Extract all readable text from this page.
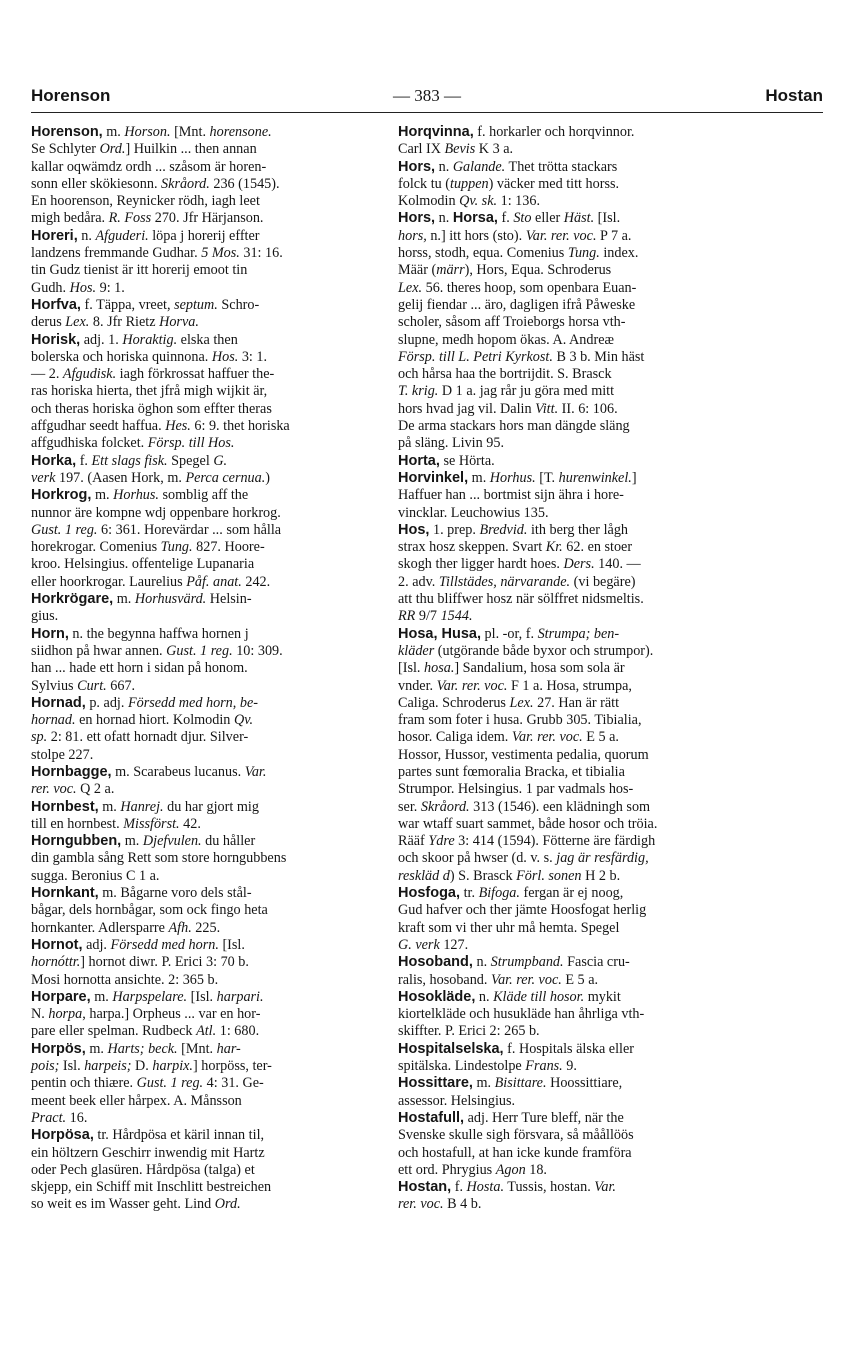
Horenson	— 383 —	Hostan
Horenson, m. Horson. [Mnt. horensone.
Se Schlyter Ord.] Huilkin ... then annan
kallar oqwämdz ordh ... szåsom är horen-
sonn eller skökiesonn. Skråord. 236 (1545).
En hoorenson, Reynicker rödh, iagh leet
migh bedåra. R. Foss 270. Jfr Härjanson.
Horeri, n. Afguderi. löpa j horerij effter
landzens fremmande Gudhar. 5 Mos. 31: 16.
tin Gudz tienist är itt horerij emoot tin
Gudh. Hos. 9: 1.
Horfva, f. Täppa, vreet, septum. Schro-
derus Lex. 8. Jfr Rietz Horva.
Horisk, adj. 1. Horaktig. elska then
bolerska och horiska quinnona. Hos. 3: 1.
— 2. Afgudisk. iagh förkrossat haffuer the-
ras horiska hierta, thet jfrå migh wijkit är,
och theras horiska öghon som effter theras
affgudhar seedt haffua. Hes. 6: 9. thet horiska
affgudhiska folcket. Försp. till Hos.
Horka, f. Ett slags fisk. Spegel G.
verk 197. (Aasen Hork, m. Perca cernua.)
Horkrog, m. Horhus. somblig aff the
nunnor äre kompne wdj oppenbare horkrog.
Gust. 1 reg. 6: 361. Horevärdar ... som hålla
horekrogar. Comenius Tung. 827. Hoore-
kroo. Helsingius. offentelige Lupanaria
eller hoorkrogar. Laurelius Påf. anat. 242.
Horkrögare, m. Horhusvärd. Helsin-
gius.
Horn, n. the begynna haffwa hornen j
siidhon på hwar annen. Gust. 1 reg. 10: 309.
han ... hade ett horn i sidan på honom.
Sylvius Curt. 667.
Hornad, p. adj. Försedd med horn, be-
hornad. en hornad hiort. Kolmodin Qv.
sp. 2: 81. ett ofatt hornadt djur. Silver-
stolpe 227.
Hornbagge, m. Scarabeus lucanus. Var.
rer. voc. Q 2 a.
Hornbest, m. Hanrej. du har gjort mig
till en hornbest. Missförst. 42.
Horngubben, m. Djefvulen. du håller
din gambla sång Rett som store horngubbens
sugga. Beronius C 1 a.
Hornkant, m. Bågarne voro dels stål-
bågar, dels hornbågar, som ock fingo heta
hornkanter. Adlersparre Afh. 225.
Hornot, adj. Försedd med horn. [Isl.
hornóttr.] hornot diwr. P. Erici 3: 70 b.
Mosi hornotta ansichte. 2: 365 b.
Horpare, m. Harpspelare. [Isl. harpari.
N. horpa, harpa.] Orpheus ... var en hor-
pare eller spelman. Rudbeck Atl. 1: 680.
Horpös, m. Harts; beck. [Mnt. har-
pois; Isl. harpeis; D. harpix.] horpöss, ter-
pentin och thiære. Gust. 1 reg. 4: 31. Ge-
meent beek eller hårpex. A. Månsson
Pract. 16.
Horpösa, tr. Hårdpösa et käril innan til,
ein höltzern Geschirr inwendig mit Hartz
oder Pech glasüren. Hårdpösa (talga) et
skjepp, ein Schiff mit Inschlitt bestreichen
so weit es im Wasser geht. Lind Ord.
Horqvinna, f. horkarler och horqvinnor.
Carl IX Bevis K 3 a.
Hors, n. Galande. Thet trötta stackars
folck tu (tuppen) väcker med titt horss.
Kolmodin Qv. sk. 1: 136.
Hors, n. Horsa, f. Sto eller Häst. [Isl.
hors, n.] itt hors (sto). Var. rer. voc. P 7 a.
horss, stodh, equa. Comenius Tung. index.
Määr (märr), Hors, Equa. Schroderus
Lex. 56. theres hoop, som openbara Euan-
gelij fiendar ... äro, dagligen ifrå Påweske
scholer, såsom aff Troieborgs horsa vth-
slupne, medh hopom ökas. A. Andreæ
Försp. till L. Petri Kyrkost. B 3 b. Min häst
och hårsa haa the bortrijdit. S. Brasck
T. krig. D 1 a. jag rår ju göra med mitt
hors hvad jag vil. Dalin Vitt. II. 6: 106.
De arma stackars hors man dängde släng
på släng. Livin 95.
Horta, se Hörta.
Horvinkel, m. Horhus. [T. hurenwinkel.]
Haffuer han ... bortmist sijn ähra i hore-
vincklar. Leuchowius 135.
Hos, 1. prep. Bredvid. ith berg ther lågh
strax hosz skeppen. Svart Kr. 62. en stoer
skogh ther ligger hardt hoes. Ders. 140. —
2. adv. Tillstädes, närvarande. (vi begäre)
att thu bliffwer hosz när sölffret nidsmeltis.
RR 9/7 1544.
Hosa, Husa, pl. -or, f. Strumpa; ben-
kläder (utgörande både byxor och strumpor).
[Isl. hosa.] Sandalium, hosa som sola är
vnder. Var. rer. voc. F 1 a. Hosa, strumpa,
Caliga. Schroderus Lex. 27. Han är rätt
fram som foter i husa. Grubb 305. Tibialia,
hosor. Caliga idem. Var. rer. voc. E 5 a.
Hossor, Hussor, vestimenta pedalia, quorum
partes sunt fœmoralia Bracka, et tibialia
Strumpor. Helsingius. 1 par vadmals hos-
ser. Skråord. 313 (1546). een klädningh som
war wtaff suart sammet, både hosor och tröia.
Rääf Ydre 3: 414 (1594). Fötterne äre färdigh
och skoor på hwser (d. v. s. jag är resfärdig,
reskläd d) S. Brasck Förl. sonen H 2 b.
Hosfoga, tr. Bifoga. fergan är ej noog,
Gud hafver och ther jämte Hoosfogat herlig
kraft som vi ther uhr må hemta. Spegel
G. verk 127.
Hosoband, n. Strumpband. Fascia cru-
ralis, hosoband. Var. rer. voc. E 5 a.
Hosokläde, n. Kläde till hosor. mykit
kiortelkläde och husukläde han åhrliga vth-
skiffter. P. Erici 2: 265 b.
Hospitalselska, f. Hospitals älska eller
spitälska. Lindestolpe Frans. 9.
Hossittare, m. Bisittare. Hoossittiare,
assessor. Helsingius.
Hostafull, adj. Herr Ture bleff, när the
Svenske skulle sigh försvara, så måållöös
och hostafull, at han icke kunde framföra
ett ord. Phrygius Agon 18.
Hostan, f. Hosta. Tussis, hostan. Var.
rer. voc. B 4 b.
